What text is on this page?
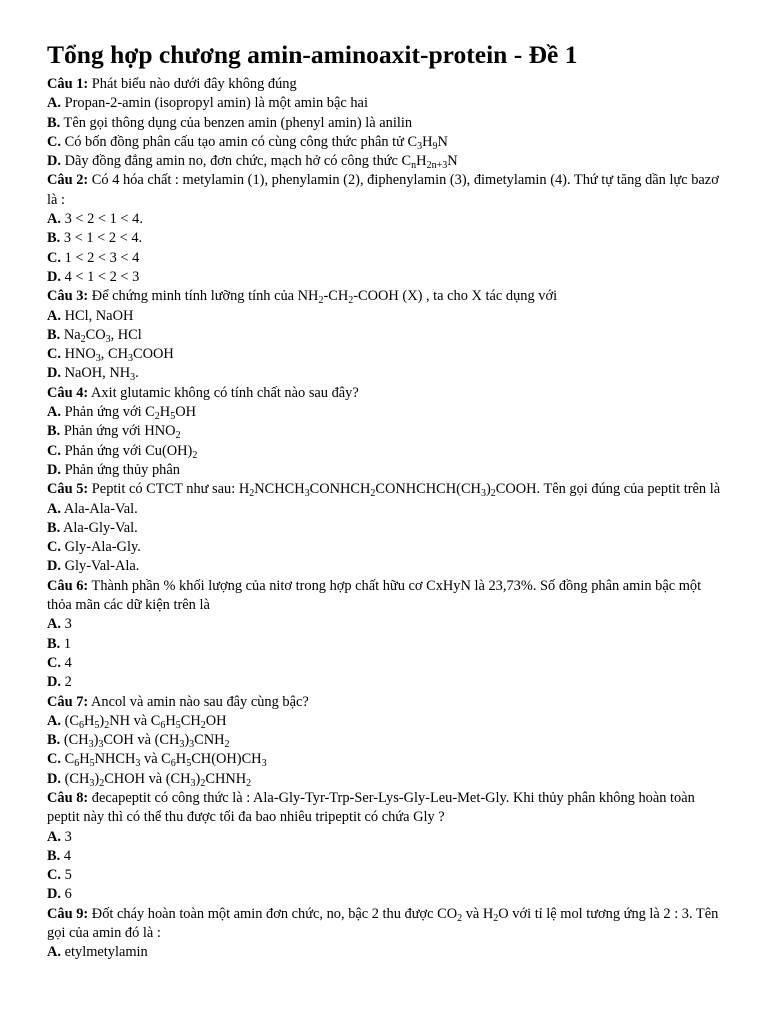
Tổng hợp chương amin-aminoaxit-protein - Đề 1
Câu 1: Phát biểu nào dưới đây không đúng
A. Propan-2-amin (isopropyl amin) là một amin bậc hai
B. Tên gọi thông dụng của benzen amin (phenyl amin) là anilin
C. Có bốn đồng phân cấu tạo amin có cùng công thức phân tử $C_3H_9N$
D. Dãy đồng đẳng amin no, đơn chức, mạch hở có công thức $C_nH_{2n+3}N$
Câu 2: Có 4 hóa chất : metylamin (1), phenylamin (2), điphenylamin (3), đimetylamin (4). Thứ tự tăng dần lực bazơ là :
A. 3 < 2 < 1 < 4.
B. 3 < 1 < 2 < 4.
C. 1 < 2 < 3 < 4
D. 4 < 1 < 2 < 3
Câu 3: Để chứng minh tính lưỡng tính của $NH_2-CH_2$-COOH (X) , ta cho X tác dụng với
A. HCl, NaOH
B. $Na_2CO_3$, HCl
C. $HNO_3$, $CH_3COOH$
D. NaOH, $NH_3$.
Câu 4: Axit glutamic không có tính chất nào sau đây?
A. Phản ứng với $C_2H_5OH$
B. Phản ứng với $HNO_2$
C. Phản ứng với $Cu(OH)_2$
D. Phản ứng thủy phân
Câu 5: Peptit có CTCT như sau: $H_2NCHCH_3CONHCH_2CONHCHCH(CH_3)_2COOH$. Tên gọi đúng của peptit trên là
A. Ala-Ala-Val.
B. Ala-Gly-Val.
C. Gly-Ala-Gly.
D. Gly-Val-Ala.
Câu 6: Thành phần % khối lượng của nitơ trong hợp chất hữu cơ CxHyN là 23,73%. Số đồng phân amin bậc một thỏa mãn các dữ kiện trên là
A. 3
B. 1
C. 4
D. 2
Câu 7: Ancol và amin nào sau đây cùng bậc?
A. $(C_6H_5)_2NH$ và $C_6H_5CH_2OH$
B. $(CH_3)_3COH$ và $(CH_3)_3CNH_2$
C. $C_6H_5NHCH_3$ và $C_6H_5CH(OH)CH_3$
D. $(CH_3)_2CHOH$ và $(CH_3)_2CHNH_2$
Câu 8: đecapeptit có công thức là : Ala-Gly-Tyr-Trp-Ser-Lys-Gly-Leu-Met-Gly. Khi thủy phân không hoàn toàn peptit này thì có thể thu được tối đa bao nhiêu tripeptit có chứa Gly ?
A. 3
B. 4
C. 5
D. 6
Câu 9: Đốt cháy hoàn toàn một amin đơn chức, no, bậc 2 thu được $CO_2$ và $H_2O$ với tỉ lệ mol tương ứng là 2 : 3. Tên gọi của amin đó là :
A. etylmetylamin
